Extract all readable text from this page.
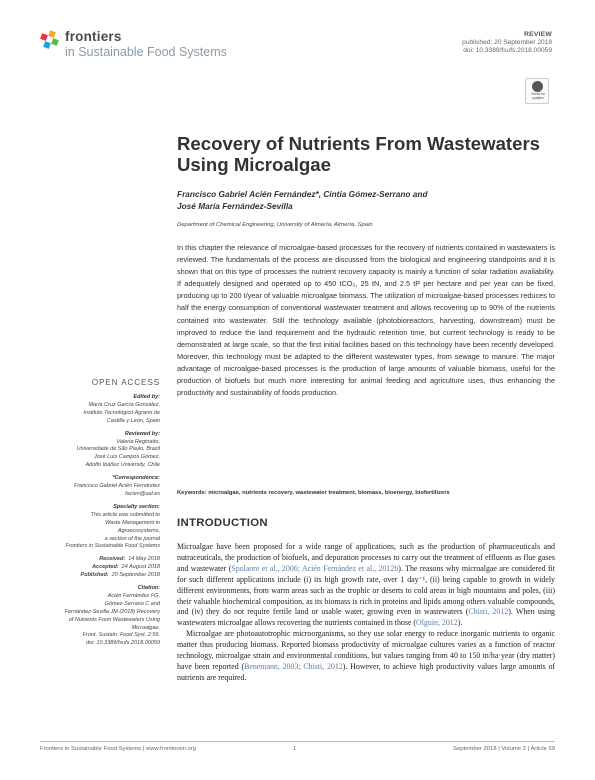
frontiers
in Sustainable Food Systems
REVIEW
published: 20 September 2018
doi: 10.3389/fsufs.2018.00059
Check for updates
Recovery of Nutrients From Wastewaters Using Microalgae
Francisco Gabriel Acién Fernández*, Cintia Gómez-Serrano and
José María Fernández-Sevilla
Department of Chemical Engineering, University of Almería, Almería, Spain

In this chapter the relevance of microalgae-based processes for the recovery of nutrients contained in wastewaters is reviewed. The fundamentals of the process are discussed from the biological and engineering standpoints and it is shown that on this type of processes the nutrient recovery capacity is mainly a function of solar radiation availability. If adequately designed and operated up to 450 tCO₂, 25 tN, and 2.5 tP per hectare and per year can be fixed, producing up to 200 t/year of valuable microalgae biomass. The utilization of microalgae-based processes reduces to half the energy consumption of conventional wastewater treatment and allows recovering up to 90% of the nutrients contained into wastewater. Still the technology available (photobioreactors, harvesting, downstream) must be improved to reduce the land requirement and the hydraulic retention time, but current technology is ready to be demonstrated at large scale, so that the first initial facilities based on this technology have been recently developed. Moreover, this technology must be adapted to the different wastewater types, from sewage to manure. The major advantage of microalgae-based processes is the production of large amounts of valuable biomass, useful for the production of biofuels but much more interesting for animal feeding and agriculture uses, thus enhancing the productivity and sustainability of foods production.

Keywords: microalgae, nutrients recovery, wastewater treatment, biomass, bioenergy, biofertilizers
OPEN ACCESS
Edited by:
María Cruz García González,
Instituto Tecnológico Agrario de
Castilla y León, Spain
Reviewed by:
Valeria Reginatto,
Universidade de São Paulo, Brazil
José Luis Campos Gómez,
Adolfo Ibáñez University, Chile
*Correspondence:
Francisco Gabriel Acién Fernández
facien@ual.es
Specialty section:
This article was submitted to
Waste Management in
Agroecosystems,
a section of the journal
Frontiers in Sustainable Food Systems
Received: 14 May 2018
Accepted: 24 August 2018
Published: 20 September 2018
Citation:
Acién Fernández FG,
Gómez-Serrano C and
Fernández-Sevilla JM (2018) Recovery
of Nutrients From Wastewaters Using
Microalgae.
Front. Sustain. Food Syst. 2:59.
doi: 10.3389/fsufs.2018.00059
INTRODUCTION

Microalgae have been proposed for a wide range of applications, such as the production of pharmaceuticals and nutraceuticals, the production of biofuels, and depuration processes to carry out the treatment of effluents as flue gases and wastewater (Spolaore et al., 2006; Acién Fernández et al., 2012b). The reasons why microalgae are considered fit for such different applications include (i) its high growth rate, over 1 day⁻¹, (ii) being capable to growth in widely different environments, from warm areas such as the trophic or deserts to cold areas in high mountains and poles, (iii) their valuable biochemical composition, as its biomass is rich in proteins and lipids among others valuable compounds, and (iv) they do not require fertile land or usable water, growing even in wastewaters (Chisti, 2012). When using wastewaters microalgae allows recovering the nutrients contained in those (Olguín, 2012).

Microalgae are photoautotrophic microorganisms, so they use solar energy to reduce inorganic nutrients to organic matter thus producing biomass. Reported biomass productivity of microalgae cultures varies as a function of reactor technology, microalgae strain and environmental conditions, but values ranging from 40 to 150 tn/ha·year (dry matter) have been reported (Benemann, 2003; Chisti, 2012). However, to achieve high productivity values large amounts of nutrients are required.

Frontiers in Sustainable Food Systems | www.frontiersin.org	1	September 2018 | Volume 2 | Article 59
